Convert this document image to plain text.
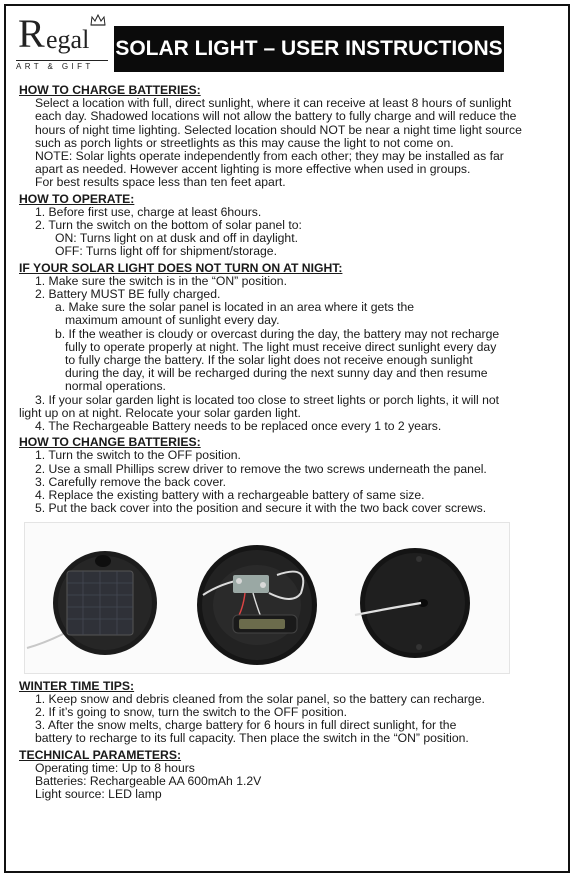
R egal
ART & GIFT
SOLAR LIGHT – USER INSTRUCTIONS

HOW TO CHARGE BATTERIES:

Select a location with full, direct sunlight, where it can receive at least 8 hours of sunlight

each day. Shadowed locations will not allow the battery to fully charge and will reduce the

hours of night time lighting. Selected location should NOT be near a night time light source

such as porch lights or streetlights as this may cause the light to not come on.

NOTE: Solar lights operate independently from each other; they may be installed as far

apart as needed. However accent lighting is more effective when used in groups.

For best results space less than ten feet apart.

HOW TO OPERATE:

1. Before first use, charge at least 6hours.

2. Turn the switch on the bottom of solar panel to:

ON: Turns light on at dusk and off in daylight.

OFF: Turns light off for shipment/storage.

IF YOUR SOLAR LIGHT DOES NOT TURN ON AT NIGHT:

1. Make sure the switch is in the “ON” position.

2. Battery MUST BE fully charged.

a. Make sure the solar panel is located in an area where it gets the

maximum amount of sunlight every day.

b. If the weather is cloudy or overcast during the day, the battery may not recharge

fully to operate properly at night. The light must receive direct sunlight every day

to fully charge the battery. If the solar light does not receive enough sunlight

during the day, it will be recharged during the next sunny day and then resume

normal operations.

3. If your solar garden light is located too close to street lights or porch lights, it will not

light up on at night. Relocate your solar garden light.

4. The Rechargeable Battery needs to be replaced once every 1 to 2 years.

HOW TO CHANGE BATTERIES:

1. Turn the switch to the OFF position.

2. Use a small Phillips screw driver to remove the two screws underneath the panel.

3. Carefully remove the back cover.

4. Replace the existing battery with a rechargeable battery of same size.

5. Put the back cover into the position and secure it with the two back cover screws.

WINTER TIME TIPS:

1. Keep snow and debris cleaned from the solar panel, so the battery can recharge.

2. If it’s going to snow, turn the switch to the OFF position.

3. After the snow melts, charge battery for 6 hours in full direct sunlight, for the

battery to recharge to its full capacity. Then place the switch in the “ON” position.

TECHNICAL PARAMETERS:

Operating time: Up to 8 hours

Batteries: Rechargeable AA 600mAh 1.2V

Light source: LED lamp
